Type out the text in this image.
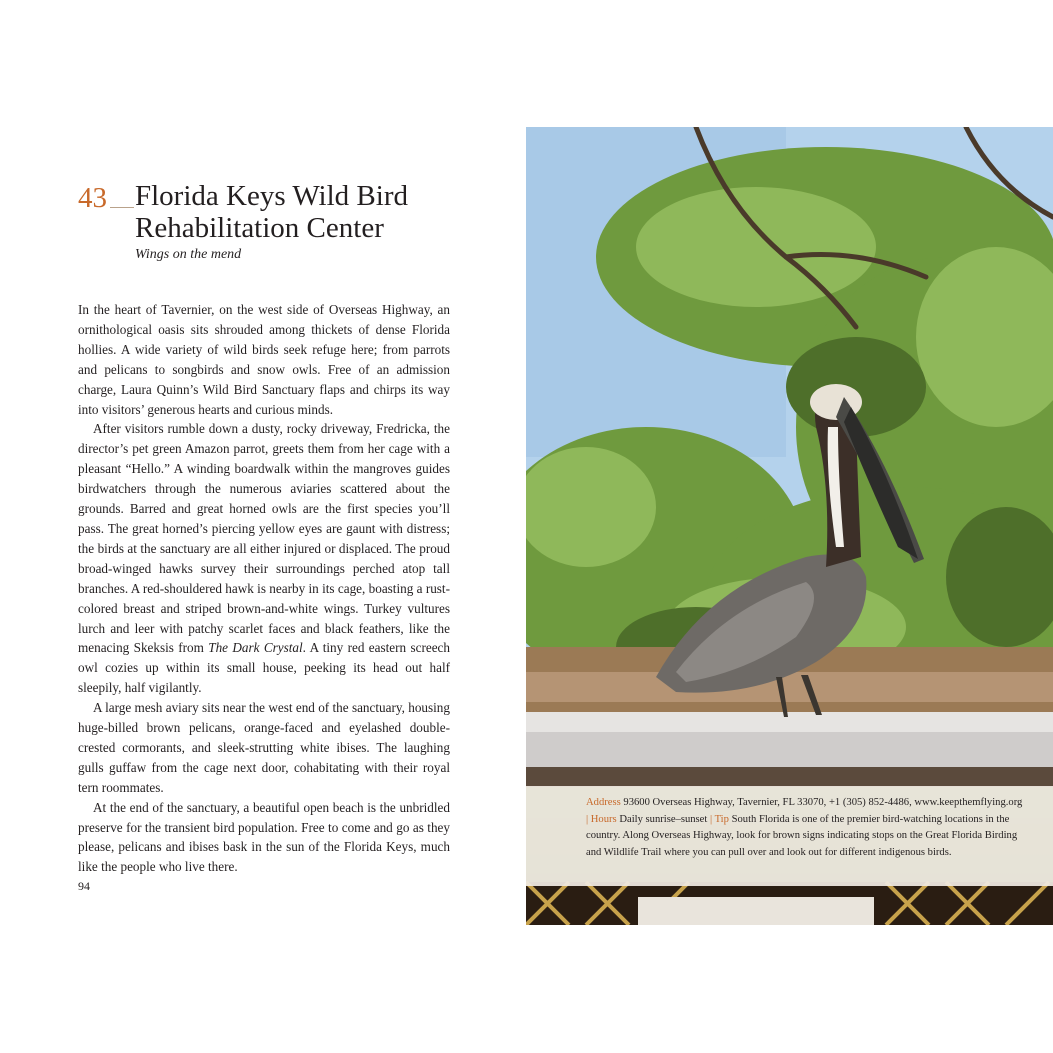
43 Florida Keys Wild Bird Rehabilitation Center
Wings on the mend

In the heart of Tavernier, on the west side of Overseas Highway, an ornithological oasis sits shrouded among thickets of dense Florida hollies. A wide variety of wild birds seek refuge here; from parrots and pelicans to songbirds and snow owls. Free of an admission charge, Laura Quinn’s Wild Bird Sanctuary flaps and chirps its way into visitors’ generous hearts and curious minds.

After visitors rumble down a dusty, rocky driveway, Fredricka, the director’s pet green Amazon parrot, greets them from her cage with a pleasant “Hello.” A winding boardwalk within the mangroves guides birdwatchers through the numerous aviaries scattered about the grounds. Barred and great horned owls are the first species you’ll pass. The great horned’s piercing yellow eyes are gaunt with distress; the birds at the sanctuary are all either injured or displaced. The proud broad-winged hawks survey their surroundings perched atop tall branches. A red-shouldered hawk is nearby in its cage, boasting a rust-colored breast and striped brown-and-white wings. Turkey vultures lurch and leer with patchy scarlet faces and black feathers, like the menacing Skeksis from The Dark Crystal. A tiny red eastern screech owl cozies up within its small house, peeking its head out half sleepily, half vigilantly.

A large mesh aviary sits near the west end of the sanctuary, housing huge-billed brown pelicans, orange-faced and eyelashed double-crested cormorants, and sleek-strutting white ibises. The laughing gulls guffaw from the cage next door, cohabitating with their royal tern roommates.

At the end of the sanctuary, a beautiful open beach is the unbridled preserve for the transient bird population. Free to come and go as they please, pelicans and ibises bask in the sun of the Florida Keys, much like the people who live there.

94
Address 93600 Overseas Highway, Tavernier, FL 33070, +1 (305) 852-4486, www.keepthemflying.org | Hours Daily sunrise–sunset | Tip South Florida is one of the premier bird-watching locations in the country. Along Overseas Highway, look for brown signs indicating stops on the Great Florida Birding and Wildlife Trail where you can pull over and look out for different indigenous birds.
